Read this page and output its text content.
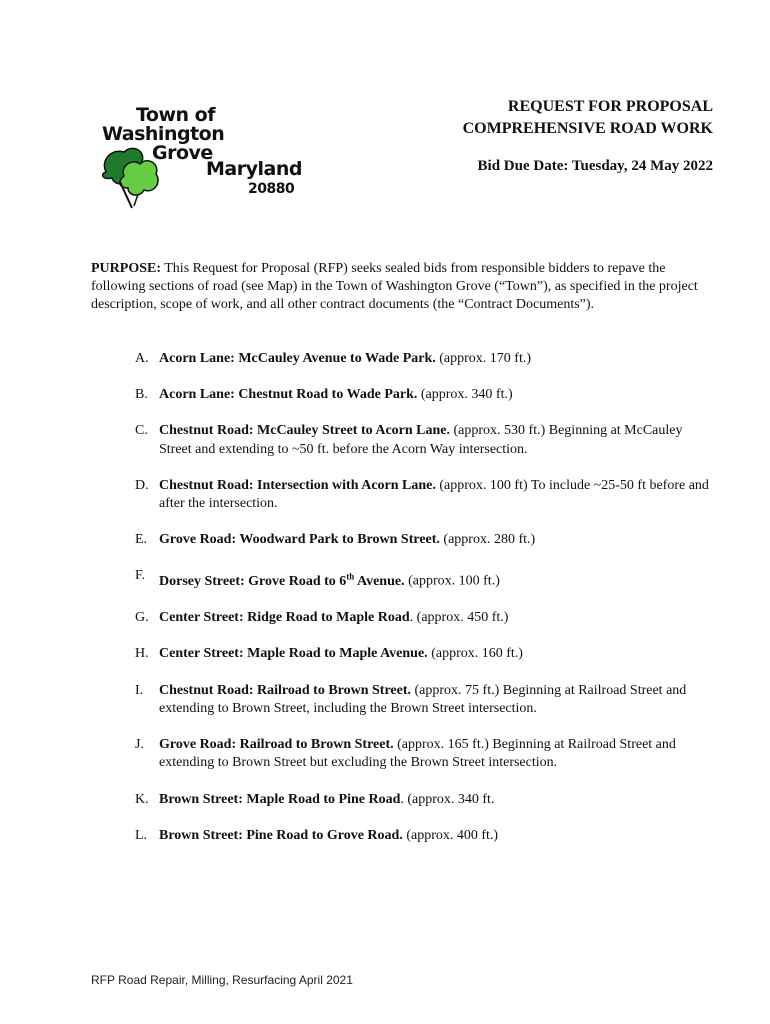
Town of
Washington
Grove
Maryland
20880

REQUEST FOR PROPOSAL

COMPREHENSIVE ROAD WORK

Bid Due Date: Tuesday, 24 May 2022

PURPOSE: This Request for Proposal (RFP) seeks sealed bids from responsible bidders to repave the following sections of road (see Map) in the Town of Washington Grove (“Town”), as specified in the project description, scope of work, and all other contract documents (the “Contract Documents”).

A. Acorn Lane: McCauley Avenue to Wade Park. (approx. 170 ft.)
B. Acorn Lane: Chestnut Road to Wade Park. (approx. 340 ft.)
C. Chestnut Road: McCauley Street to Acorn Lane. (approx. 530 ft.) Beginning at McCauley Street and extending to ~50 ft. before the Acorn Way intersection.
D. Chestnut Road: Intersection with Acorn Lane. (approx. 100 ft) To include ~25-50 ft before and after the intersection.
E. Grove Road: Woodward Park to Brown Street. (approx. 280 ft.)
F. Dorsey Street: Grove Road to 6th Avenue. (approx. 100 ft.)
G. Center Street: Ridge Road to Maple Road. (approx. 450 ft.)
H. Center Street: Maple Road to Maple Avenue. (approx. 160 ft.)
I. Chestnut Road: Railroad to Brown Street. (approx. 75 ft.) Beginning at Railroad Street and extending to Brown Street, including the Brown Street intersection.
J. Grove Road: Railroad to Brown Street. (approx. 165 ft.) Beginning at Railroad Street and extending to Brown Street but excluding the Brown Street intersection.
K. Brown Street: Maple Road to Pine Road. (approx. 340 ft.
L. Brown Street: Pine Road to Grove Road. (approx. 400 ft.)
RFP Road Repair, Milling, Resurfacing April 2021
